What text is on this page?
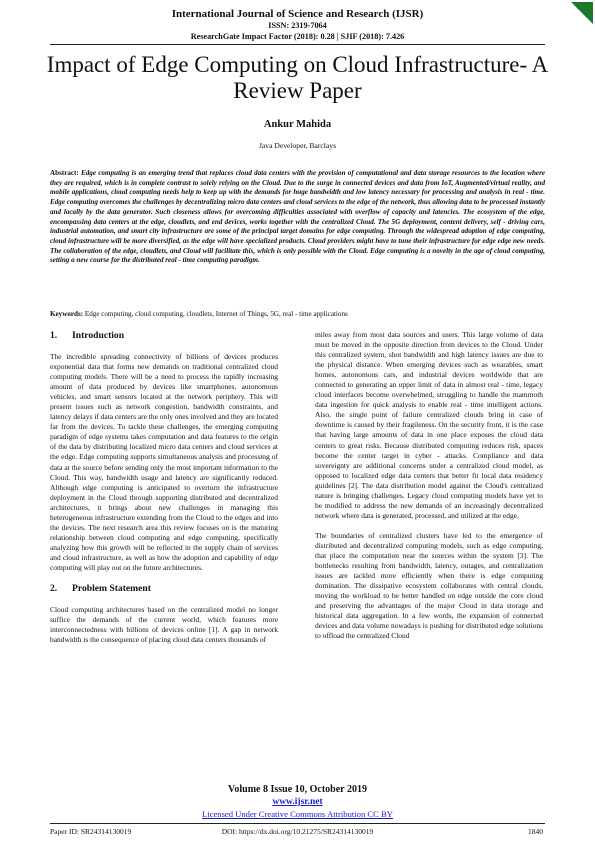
International Journal of Science and Research (IJSR)
ISSN: 2319-7064
ResearchGate Impact Factor (2018): 0.28 | SJIF (2018): 7.426
Impact of Edge Computing on Cloud Infrastructure- A Review Paper
Ankur Mahida
Java Developer, Barclays

Abstract: Edge computing is an emerging trend that replaces cloud data centers with the provision of computational and data storage resources to the location where they are required, which is in complete contrast to solely relying on the Cloud. Due to the surge in connected devices and data from IoT, Augmented/virtual reality, and mobile applications, cloud computing needs help to keep up with the demands for huge bandwidth and low latency necessary for processing and analysis in real - time. Edge computing overcomes the challenges by decentralizing micro data centers and cloud services to the edge of the network, thus allowing data to be processed instantly and locally by the data generator. Such closeness allows for overcoming difficulties associated with overflow of capacity and latencies. The ecosystem of the edge, encompassing data centers at the edge, cloudlets, and end devices, works together with the centralized Cloud. The 5G deployment, content delivery, self - driving cars, industrial automation, and smart city infrastructure are some of the principal target domains for edge computing. Through the widespread adoption of edge computing, cloud infrastructure will be more diversified, as the edge will have specialized products. Cloud providers might have to tune their infrastructure for edge edge new needs. The collaboration of the edge, cloudlets, and Cloud will facilitate this, which is only possible with the Cloud. Edge computing is a novelty in the age of cloud computing, setting a new course for the distributed real - time computing paradigm.

Keywords: Edge computing, cloud computing, cloudlets, Internet of Things, 5G, real - time applications

1. Introduction

The incredible spreading connectivity of billions of devices produces exponential data that forms new demands on traditional centralized cloud computing models. There will be a need to process the rapidly increasing amount of data produced by devices like smartphones, autonomous vehicles, and smart sensors located at the network periphery. This will present issues such as network congestion, bandwidth constraints, and latency delays if data centers are the only ones involved and they are located far from the devices. To tackle these challenges, the emerging computing paradigm of edge systems takes computation and data features to the origin of the data by distributing localized micro data centers and cloud services at the edge. Edge computing supports simultaneous analysis and processing of data at the source before sending only the most important information to the Cloud. This way, bandwidth usage and latency are significantly reduced. Although edge computing is anticipated to overturn the infrastructure deployment in the Cloud through supporting distributed and decentralized architectures, it brings about new challenges in managing this heterogeneous infrastructure extending from the Cloud to the edges and into the devices. The next research area this review focuses on is the maturing relationship between cloud computing and edge computing, specifically analyzing how this growth will be reflected in the supply chain of services and cloud infrastructure, as well as how the adoption and capability of edge computing will play out on the future architectures.

2. Problem Statement

Cloud computing architectures based on the centralized model no longer suffice the demands of the current world, which features more interconnectedness with billions of devices online [1]. A gap in network bandwidth is the consequence of placing cloud data centers thousands of

miles away from most data sources and users. This large volume of data must be moved in the opposite direction from devices to the Cloud. Under this centralized system, shot bandwidth and high latency issues are due to the physical distance. When emerging devices such as wearables, smart homes, autonomous cars, and industrial devices worldwide that are connected to generating an upper limit of data in almost real - time, legacy cloud interfaces become overwhelmed, struggling to handle the mammoth data ingestion for quick analysis to enable real - time intelligent actions. Also, the single point of failure centralized clouds bring in case of downtime is caused by their fragileness. On the security front, it is the case that having large amounts of data in one place exposes the cloud data centers to great risks. Because distributed computing reduces risk, spaces become the center target in cyber - attacks. Compliance and data sovereignty are additional concerns under a centralized cloud model, as opposed to localized edge data centers that better fit local data residency guidelines [2]. The data distribution model against the Cloud's centralized nature is bringing challenges. Legacy cloud computing models have yet to be modified to address the new demands of an increasingly decentralized network where data is generated, processed, and utilized at the edge.

The boundaries of centralized clusters have led to the emergence of distributed and decentralized computing models, such as edge computing, that place the computation near the sources within the system [3]. The bottlenecks resulting from bandwidth, latency, outages, and centralization issues are tackled more efficiently when there is edge computing domination. The dissipative ecosystem collaborates with central clouds, moving the workload to be better handled on edge outside the core cloud and preserving the advantages of the major Cloud in data storage and historical data aggregation. In a few words, the expansion of connected devices and data volume nowadays is pushing for distributed edge solutions to offload the centralized Cloud

Volume 8 Issue 10, October 2019
www.ijsr.net
Licensed Under Creative Commons Attribution CC BY
Paper ID: SR24314130019	DOI: https://dx.doi.org/10.21275/SR24314130019	1840
